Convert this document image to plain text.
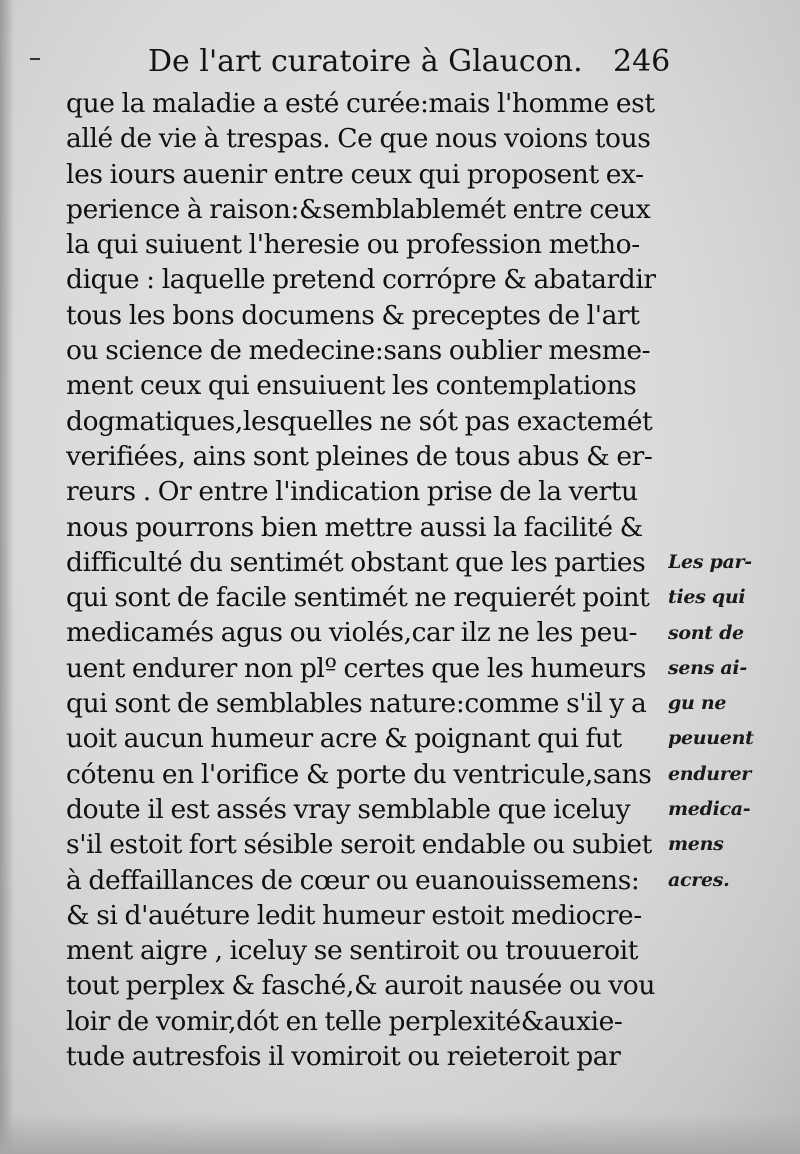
De l'art curatoire à Glaucon. 246
que la maladie a esté curée:mais l'homme est
allé de vie à trespas. Ce que nous voions tous
les iours auenir entre ceux qui proposent ex-
perience à raison:&semblablemét entre ceux
la qui suiuent l'heresie ou profession metho-
dique : laquelle pretend corrópre & abatardir
tous les bons documens & preceptes de l'art
ou science de medecine:sans oublier mesme-
ment ceux qui ensuiuent les contemplations
dogmatiques,lesquelles ne sót pas exactemét
verifiées, ains sont pleines de tous abus & er-
reurs . Or entre l'indication prise de la vertu
nous pourrons bien mettre aussi la facilité &
difficulté du sentimét obstant que les parties
qui sont de facile sentimét ne requierét point
medicamés agus ou violés,car ilz ne les peu-
uent endurer non plº certes que les humeurs
qui sont de semblables nature:comme s'il y a
uoit aucun humeur acre & poignant qui fut
cótenu en l'orifice & porte du ventricule,sans
doute il est assés vray semblable que iceluy
s'il estoit fort sésible seroit endable ou subiet
à deffaillances de cœur ou euanouissemens:
& si d'auéture ledit humeur estoit mediocre-
ment aigre , iceluy se sentiroit ou trouueroit
tout perplex & fasché,& auroit nausée ou vou
loir de vomir,dót en telle perplexité&auxie-
tude autresfois il vomiroit ou reieteroit par
Les par-
ties qui
sont de
sens ai-
gu ne
peuuent
endurer
medica-
mens
acres.
